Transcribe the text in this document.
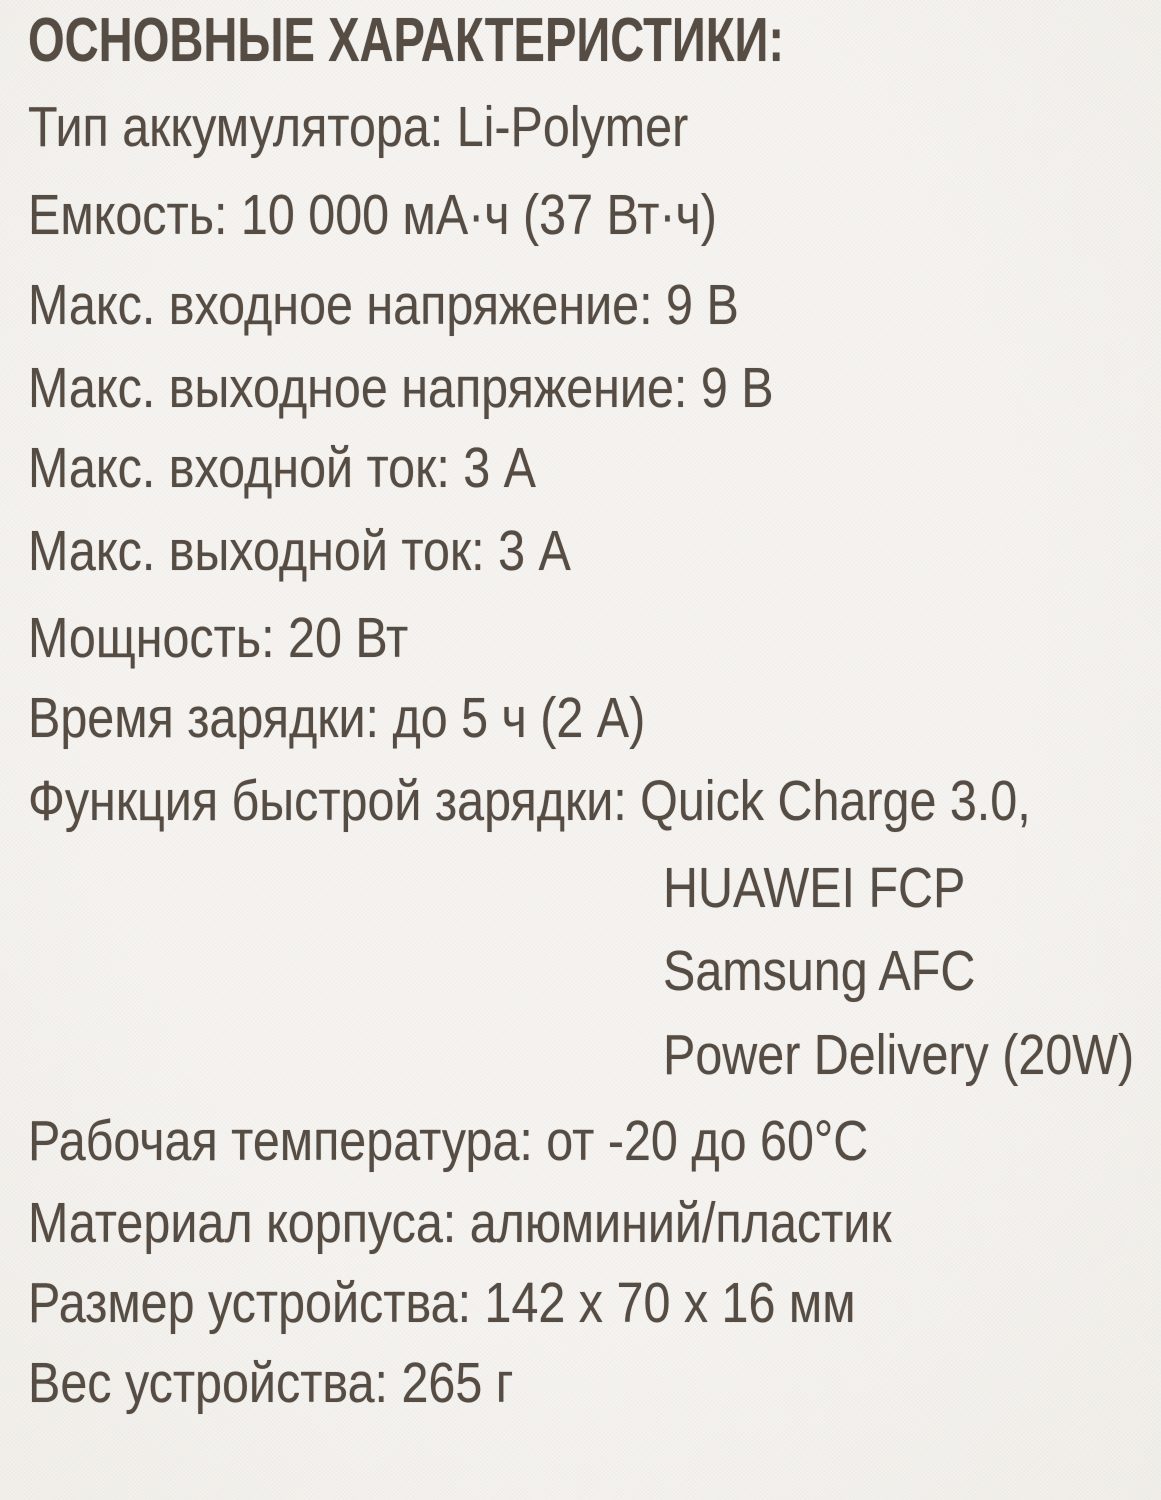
ОСНОВНЫЕ ХАРАКТЕРИСТИКИ:
Тип аккумулятора: Li-Polymer
Емкость: 10 000 мА·ч (37 Вт·ч)
Макс. входное напряжение: 9 В
Макс. выходное напряжение: 9 В
Макс. входной ток: 3 А
Макс. выходной ток: 3 А
Мощность: 20 Вт
Время зарядки: до 5 ч (2 А)
Функция быстрой зарядки: Quick Charge 3.0,
HUAWEI FCP
Samsung AFC
Power Delivery (20W)
Рабочая температура: от -20 до 60°C
Материал корпуса: алюминий/пластик
Размер устройства: 142 x 70 x 16 мм
Вес устройства: 265 г
